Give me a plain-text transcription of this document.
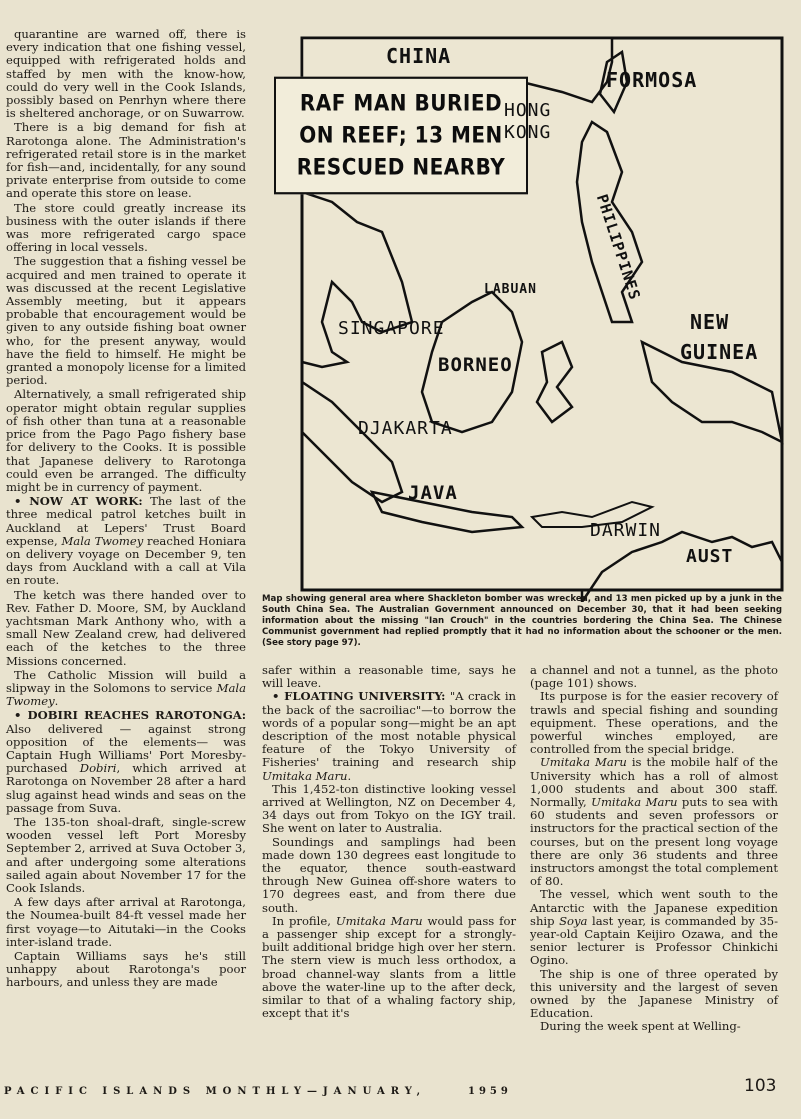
quarantine are warned off, there is every indication that one fishing vessel, equipped with refrigerated holds and staffed by men with the know-how, could do very well in the Cook Islands, possibly based on Penrhyn where there is sheltered anchorage, or on Suwarrow.

There is a big demand for fish at Rarotonga alone. The Administration's refrigerated retail store is in the market for fish—and, incidentally, for any sound private enterprise from outside to come and operate this store on lease.

The store could greatly increase its business with the outer islands if there was more refrigerated cargo space offering in local vessels.

The suggestion that a fishing vessel be acquired and men trained to operate it was discussed at the recent Legislative Assembly meeting, but it appears probable that encouragement would be given to any outside fishing boat owner who, for the present anyway, would have the field to himself. He might be granted a monopoly license for a limited period.

Alternatively, a small refrigerated ship operator might obtain regular supplies of fish other than tuna at a reasonable price from the Pago Pago fishery base for delivery to the Cooks. It is possible that Japanese delivery to Rarotonga could even be arranged. The difficulty might be in currency of payment.

• NOW AT WORK: The last of the three medical patrol ketches built in Auckland at Lepers' Trust Board expense, Mala Twomey reached Honiara on delivery voyage on December 9, ten days from Auckland with a call at Vila en route.

The ketch was there handed over to Rev. Father D. Moore, SM, by Auckland yachtsman Mark Anthony who, with a small New Zealand crew, had delivered each of the ketches to the three Missions concerned.

The Catholic Mission will build a slipway in the Solomons to service Mala Twomey.

• DOBIRI REACHES RAROTONGA: Also delivered — against strong opposition of the elements— was Captain Hugh Williams' Port Moresby-purchased Dobiri, which arrived at Rarotonga on November 28 after a hard slug against head winds and seas on the passage from Suva.

The 135-ton shoal-draft, single-screw wooden vessel left Port Moresby September 2, arrived at Suva October 3, and after undergoing some alterations sailed again about November 17 for the Cook Islands.

A few days after arrival at Rarotonga, the Noumea-built 84-ft vessel made her first voyage—to Aitutaki—in the Cooks inter-island trade.

Captain Williams says he's still unhappy about Rarotonga's poor harbours, and unless they are made

RAF MAN BURIED ON REEF; 13 MEN RESCUED NEARBY
CHINA
FORMOSA
HONG
KONG
PHILIPPINES
LABUAN
SINGAPORE
BORNEO
NEW
GUINEA
DJAKARTA
JAVA
DARWIN
AUST
Map showing general area where Shackleton bomber was wrecked, and 13 men picked up by a junk in the South China Sea. The Australian Government announced on December 30, that it had been seeking information about the missing "Ian Crouch" in the countries bordering the China Sea. The Chinese Communist government had replied promptly that it had no information about the schooner or the men. (See story page 97).

safer within a reasonable time, says he will leave.

• FLOATING UNIVERSITY: "A crack in the back of the sacroiliac"—to borrow the words of a popular song—might be an apt description of the most notable physical feature of the Tokyo University of Fisheries' training and research ship Umitaka Maru.

This 1,452-ton distinctive looking vessel arrived at Wellington, NZ on December 4, 34 days out from Tokyo on the IGY trail. She went on later to Australia.

Soundings and samplings had been made down 130 degrees east longitude to the equator, thence south-eastward through New Guinea off-shore waters to 170 degrees east, and from there due south.

In profile, Umitaka Maru would pass for a passenger ship except for a strongly-built additional bridge high over her stern. The stern view is much less orthodox, a broad channel-way slants from a little above the water-line up to the after deck, similar to that of a whaling factory ship, except that it's

a channel and not a tunnel, as the photo (page 101) shows.

Its purpose is for the easier recovery of trawls and special fishing and sounding equipment. These operations, and the powerful winches employed, are controlled from the special bridge.

Umitaka Maru is the mobile half of the University which has a roll of almost 1,000 students and about 300 staff. Normally, Umitaka Maru puts to sea with 60 students and seven professors or instructors for the practical section of the courses, but on the present long voyage there are only 36 students and three instructors amongst the total complement of 80.

The vessel, which went south to the Antarctic with the Japanese expedition ship Soya last year, is commanded by 35-year-old Captain Keijiro Ozawa, and the senior lecturer is Professor Chinkichi Ogino.

The ship is one of three operated by this university and the largest of seven owned by the Japanese Ministry of Education.

During the week spent at Welling-

PACIFIC ISLANDS MONTHLY—JANUARY,	1959	103
